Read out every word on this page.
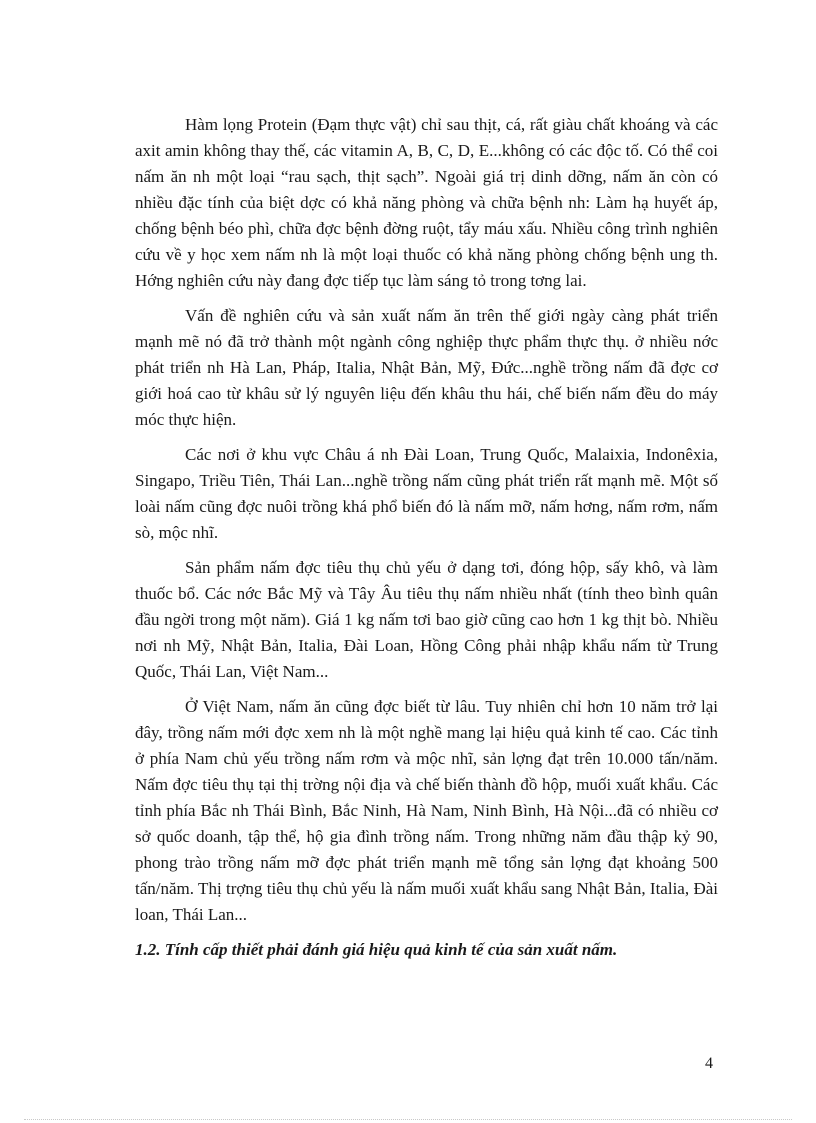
Hàm lọng Protein (Đạm thực vật) chỉ sau thịt, cá, rất giàu chất khoáng và các axit amin không thay thế, các vitamin A, B, C, D, E...không có các độc tố. Có thể coi nấm ăn nh một loại “rau sạch, thịt sạch”. Ngoài giá trị dinh dỡng, nấm ăn còn có nhiều đặc tính của biệt dợc có khả năng phòng và chữa bệnh nh: Làm hạ huyết áp, chống bệnh béo phì, chữa đợc bệnh đờng ruột, tẩy máu xấu. Nhiều công trình nghiên cứu về y học xem nấm nh là một loại thuốc có khả năng phòng chống bệnh ung th. Hớng nghiên cứu này đang đợc tiếp tục làm sáng tỏ trong tơng lai.

Vấn đề nghiên cứu và sản xuất nấm ăn trên thế giới ngày càng phát triển mạnh mẽ nó đã trở thành một ngành công nghiệp thực phẩm thực thụ. ở nhiều nớc phát triển nh Hà Lan, Pháp, Italia, Nhật Bản, Mỹ, Đức...nghề trồng nấm đã đợc cơ giới hoá cao từ khâu sử lý nguyên liệu đến khâu thu hái, chế biến nấm đều do máy móc thực hiện.

Các nơi ở khu vực Châu á nh Đài Loan, Trung Quốc, Malaixia, Indonêxia, Singapo, Triều Tiên, Thái Lan...nghề trồng nấm cũng phát triển rất mạnh mẽ. Một số loài nấm cũng đợc nuôi trồng khá phổ biến đó là nấm mỡ, nấm hơng, nấm rơm, nấm sò, mộc nhĩ.

Sản phẩm nấm đợc tiêu thụ chủ yếu ở dạng tơi, đóng hộp, sấy khô, và làm thuốc bổ. Các nớc Bắc Mỹ và Tây Âu tiêu thụ nấm nhiều nhất (tính theo bình quân đầu ngời trong một năm). Giá 1 kg nấm tơi bao giờ cũng cao hơn 1 kg thịt bò. Nhiều nơi nh Mỹ, Nhật Bản, Italia, Đài Loan, Hồng Công phải nhập khẩu nấm từ Trung Quốc, Thái Lan, Việt Nam...

Ở Việt Nam, nấm ăn cũng đợc biết từ lâu. Tuy nhiên chỉ hơn 10 năm trở lại đây, trồng nấm mới đợc xem nh là một nghề mang lại hiệu quả kinh tế cao. Các tỉnh ở phía Nam chủ yếu trồng nấm rơm và mộc nhĩ, sản lợng đạt trên 10.000 tấn/năm. Nấm đợc tiêu thụ tại thị trờng nội địa và chế biến thành đồ hộp, muối xuất khẩu. Các tỉnh phía Bắc nh Thái Bình, Bắc Ninh, Hà Nam, Ninh Bình, Hà Nội...đã có nhiều cơ sở quốc doanh, tập thể, hộ gia đình trồng nấm. Trong những năm đầu thập kỷ 90, phong trào trồng nấm mỡ đợc phát triển mạnh mẽ tổng sản lợng đạt khoảng 500 tấn/năm. Thị trợng tiêu thụ chủ yếu là nấm muối xuất khẩu sang Nhật Bản, Italia, Đài loan, Thái Lan...

1.2. Tính cấp thiết phải đánh giá hiệu quả kinh tế của sản xuất nấm.
4
